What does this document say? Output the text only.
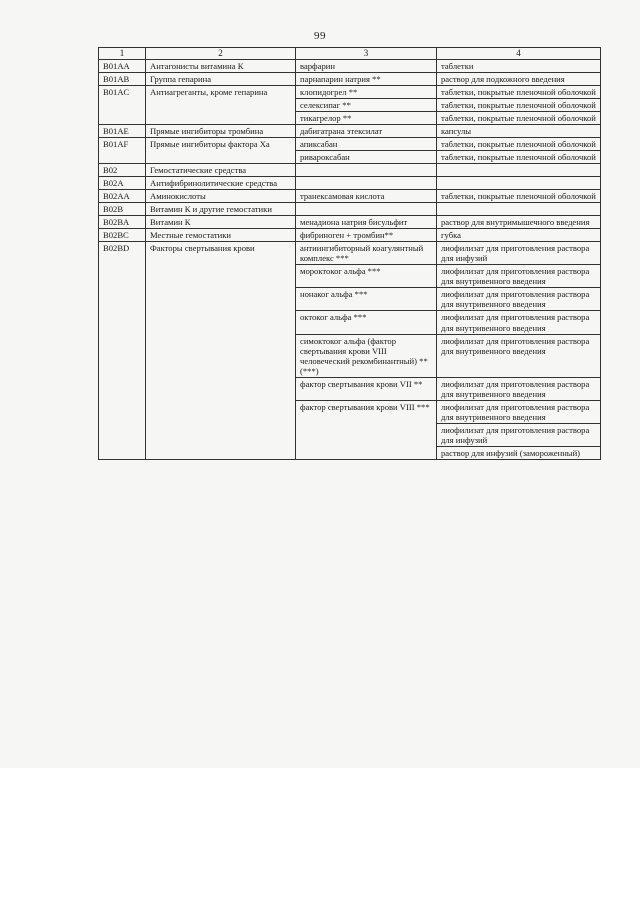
99
1	2	3	4
B01AA	Антагонисты витамина К	варфарин	таблетки
B01AB	Группа гепарина	парнапарин натрия **	раствор для подкожного введения
B01AC	Антиагреганты, кроме гепарина	клопидогрел **	таблетки, покрытые пленочной оболочкой
		селексипаг **	таблетки, покрытые пленочной оболочкой
		тикагрелор **	таблетки, покрытые пленочной оболочкой
B01AE	Прямые ингибиторы тромбина	дабигатрана этексилат	капсулы
B01AF	Прямые ингибиторы фактора Ха	апиксабан	таблетки, покрытые пленочной оболочкой
		ривароксабан	таблетки, покрытые пленочной оболочкой
B02	Гемостатические средства		
B02A	Антифибринолитические средства		
B02AA	Аминокислоты	транексамовая кислота	таблетки, покрытые пленочной оболочкой
B02B	Витамин К и другие гемостатики		
B02BA	Витамин К	менадиона натрия бисульфит	раствор для внутримышечного введения
B02BC	Местные гемостатики	фибриноген + тромбин**	губка
B02BD	Факторы свертывания крови	антиингибиторный коагулянтный комплекс ***	лиофилизат для приготовления раствора для инфузий
		мороктоког альфа ***	лиофилизат для приготовления раствора для внутривенного введения
		нонаког альфа ***	лиофилизат для приготовления раствора для внутривенного введения
		октоког альфа ***	лиофилизат для приготовления раствора для внутривенного введения
		симоктоког альфа (фактор свертывания крови VIII человеческий рекомбинантный) ** (***)	лиофилизат для приготовления раствора для внутривенного введения
		фактор свертывания крови VII **	лиофилизат для приготовления раствора для внутривенного введения
		фактор свертывания крови VIII ***	лиофилизат для приготовления раствора для внутривенного введения
			лиофилизат для приготовления раствора для инфузий
			раствор для инфузий (замороженный)
